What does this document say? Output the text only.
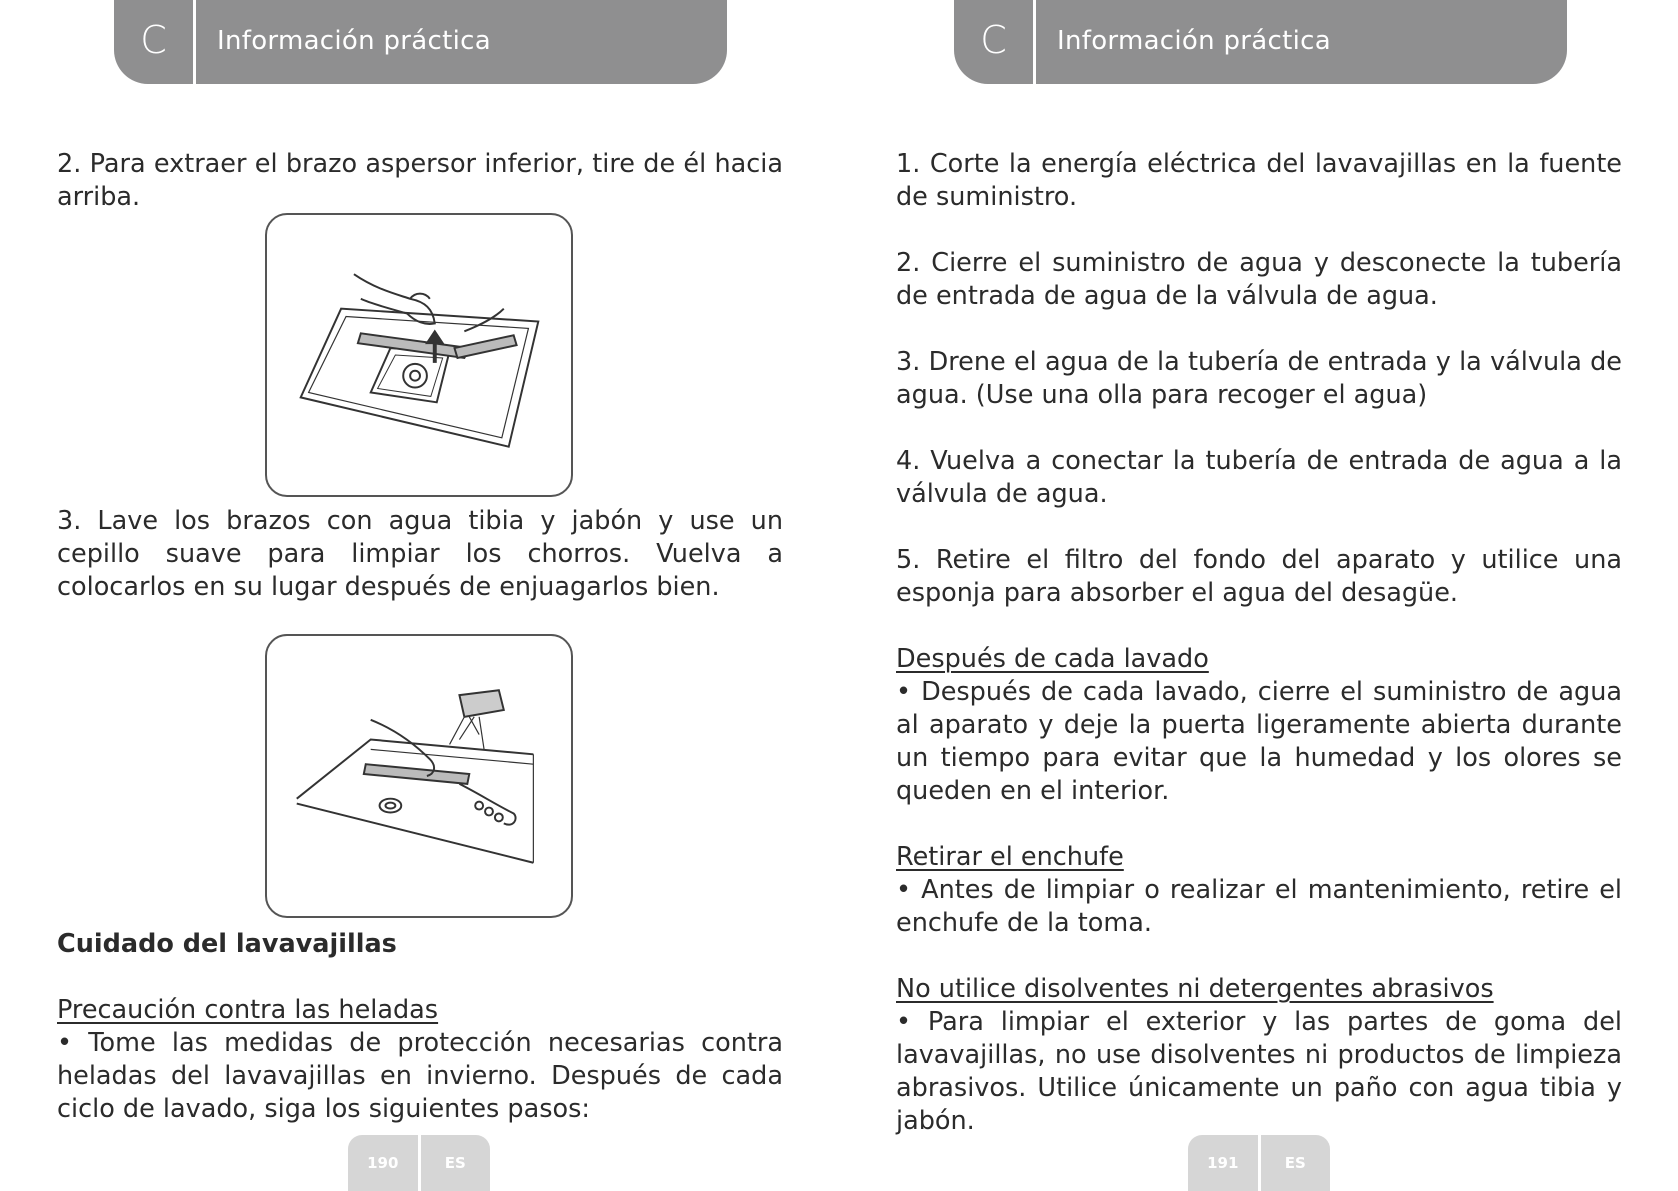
C	Información práctica

2. Para extraer el brazo aspersor inferior, tire de él hacia arriba.

3. Lave los brazos con agua tibia y jabón y use un cepillo suave para limpiar los chorros. Vuelva a colocarlos en su lugar después de enjuagarlos bien.

Cuidado del lavavajillas

Precaución contra las heladas

• Tome las medidas de protección necesarias contra heladas del lavavajillas en invierno. Después de cada ciclo de lavado, siga los siguientes pasos:

190	ES
C	Información práctica

1. Corte la energía eléctrica del lavavajillas en la fuente de suministro.

2. Cierre el suministro de agua y desconecte la tubería de entrada de agua de la válvula de agua.

3. Drene el agua de la tubería de entrada y la válvula de agua. (Use una olla para recoger el agua)

4. Vuelva a conectar la tubería de entrada de agua a la válvula de agua.

5. Retire el filtro del fondo del aparato y utilice una esponja para absorber el agua del desagüe.

Después de cada lavado

• Después de cada lavado, cierre el suministro de agua al aparato y deje la puerta ligeramente abierta durante un tiempo para evitar que la humedad y los olores se queden en el interior.

Retirar el enchufe

• Antes de limpiar o realizar el mantenimiento, retire el enchufe de la toma.

No utilice disolventes ni detergentes abrasivos

• Para limpiar el exterior y las partes de goma del lavavajillas, no use disolventes ni productos de limpieza abrasivos. Utilice únicamente un paño con agua tibia y jabón.

191	ES
